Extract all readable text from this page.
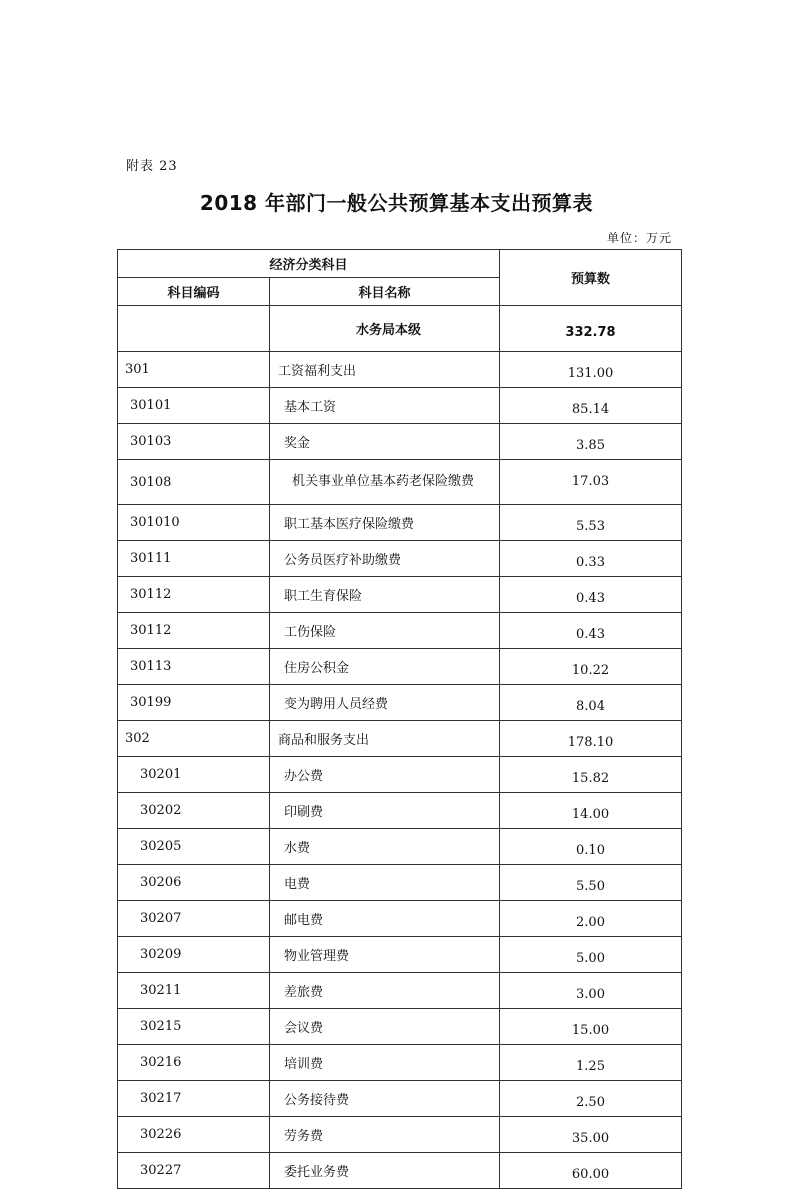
附表 23
2018 年部门一般公共预算基本支出预算表
单位：万元
经济分类科目		预算数
科目编码	科目名称	
	水务局本级	332.78
301	工资福利支出	131.00
30101	基本工资	85.14
30103	奖金	3.85
30108	机关事业单位基本药老保险缴费	17.03
301010	职工基本医疗保险缴费	5.53
30111	公务员医疗补助缴费	0.33
30112	职工生育保险	0.43
30112	工伤保险	0.43
30113	住房公积金	10.22
30199	变为聘用人员经费	8.04
302	商品和服务支出	178.10
30201	办公费	15.82
30202	印刷费	14.00
30205	水费	0.10
30206	电费	5.50
30207	邮电费	2.00
30209	物业管理费	5.00
30211	差旅费	3.00
30215	会议费	15.00
30216	培训费	1.25
30217	公务接待费	2.50
30226	劳务费	35.00
30227	委托业务费	60.00
